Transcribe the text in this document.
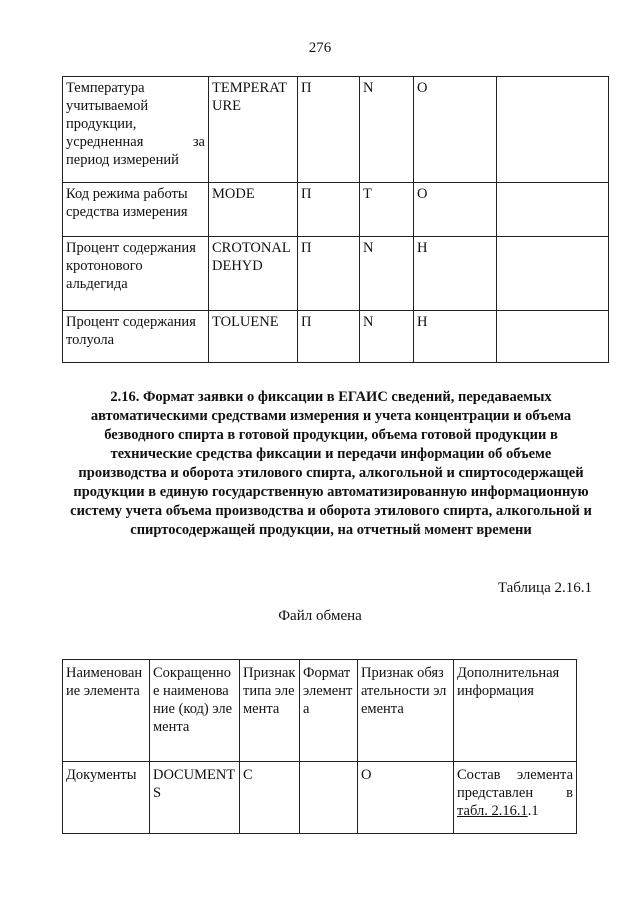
276
Температура учитываемой продукции, усредненная за период измерений	TEMPERATURE	П	N	О	
Код режима работы средства измерения	MODE	П	Т	О	
Процент содержания кротонового альдегида	CROTONALDEHYD	П	N	Н	
Процент содержания толуола	TOLUENE	П	N	Н	
2.16. Формат заявки о фиксации в ЕГАИС сведений, передаваемых автоматическими средствами измерения и учета концентрации и объема безводного спирта в готовой продукции, объема готовой продукции в технические средства фиксации и передачи информации об объеме производства и оборота этилового спирта, алкогольной и спиртосодержащей продукции в единую государственную автоматизированную информационную систему учета объема производства и оборота этилового спирта, алкогольной и спиртосодержащей продукции, на отчетный момент времени
Таблица 2.16.1
Файл обмена
Наименование элемента	Сокращенное наименование (код) элемента	Признак типа элемента	Формат элемента	Признак обязательности элемента	Дополнительная информация
Документы	DOCUMENTS	С		О	Состав элемента представлен в
табл. 2.16.1.1
